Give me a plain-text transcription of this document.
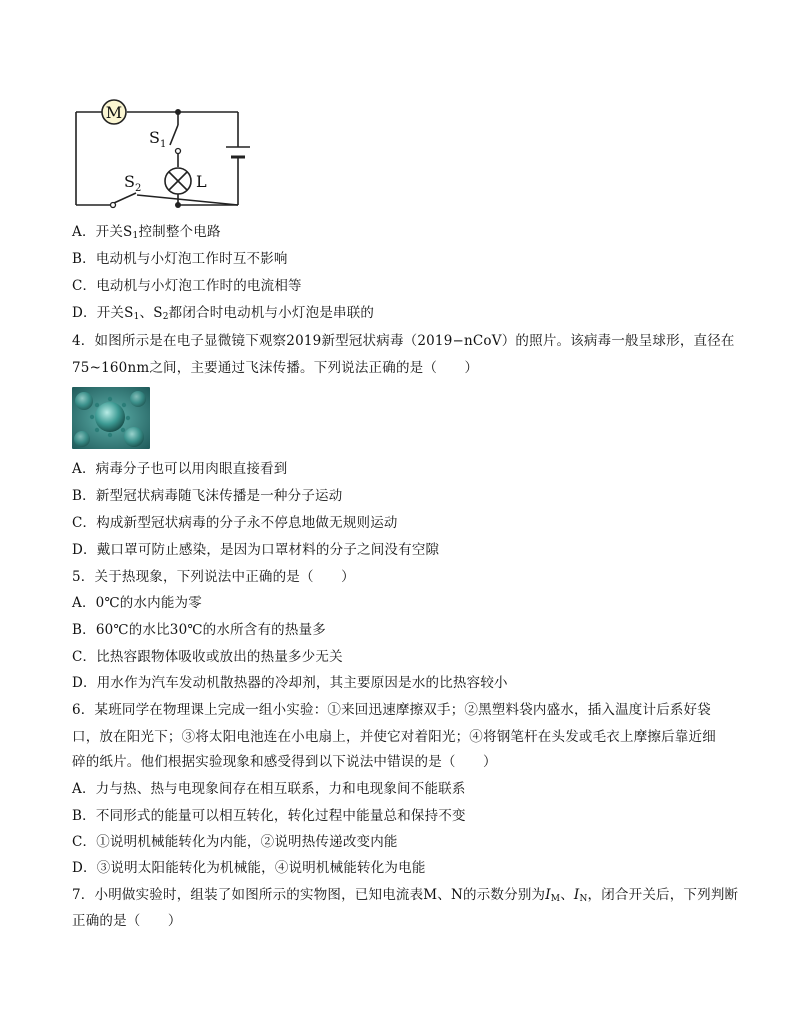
M
L
$S_1$
$S_2$
A．开关$S_1$控制整个电路
B．电动机与小灯泡工作时互不影响
C．电动机与小灯泡工作时的电流相等
D．开关$S_1$、$S_2$都闭合时电动机与小灯泡是串联的
4．如图所示是在电子显微镜下观察2019新型冠状病毒（2019−nCoV）的照片。该病毒一般呈球形，直径在
75~160nm之间，主要通过飞沫传播。下列说法正确的是（　　）
A．病毒分子也可以用肉眼直接看到
B．新型冠状病毒随飞沫传播是一种分子运动
C．构成新型冠状病毒的分子永不停息地做无规则运动
D．戴口罩可防止感染，是因为口罩材料的分子之间没有空隙
5．关于热现象，下列说法中正确的是（　　）
A．0℃的水内能为零
B．60℃的水比30℃的水所含有的热量多
C．比热容跟物体吸收或放出的热量多少无关
D．用水作为汽车发动机散热器的冷却剂，其主要原因是水的比热容较小
6．某班同学在物理课上完成一组小实验：①来回迅速摩擦双手；②黑塑料袋内盛水，插入温度计后系好袋
口，放在阳光下；③将太阳电池连在小电扇上，并使它对着阳光；④将钢笔杆在头发或毛衣上摩擦后靠近细
碎的纸片。他们根据实验现象和感受得到以下说法中错误的是（　　）
A．力与热、热与电现象间存在相互联系，力和电现象间不能联系
B．不同形式的能量可以相互转化，转化过程中能量总和保持不变
C．①说明机械能转化为内能，②说明热传递改变内能
D．③说明太阳能转化为机械能，④说明机械能转化为电能
7．小明做实验时，组装了如图所示的实物图，已知电流表M、N的示数分别为$I_M$、$I_N$，闭合开关后，下列判断
正确的是（　　）
